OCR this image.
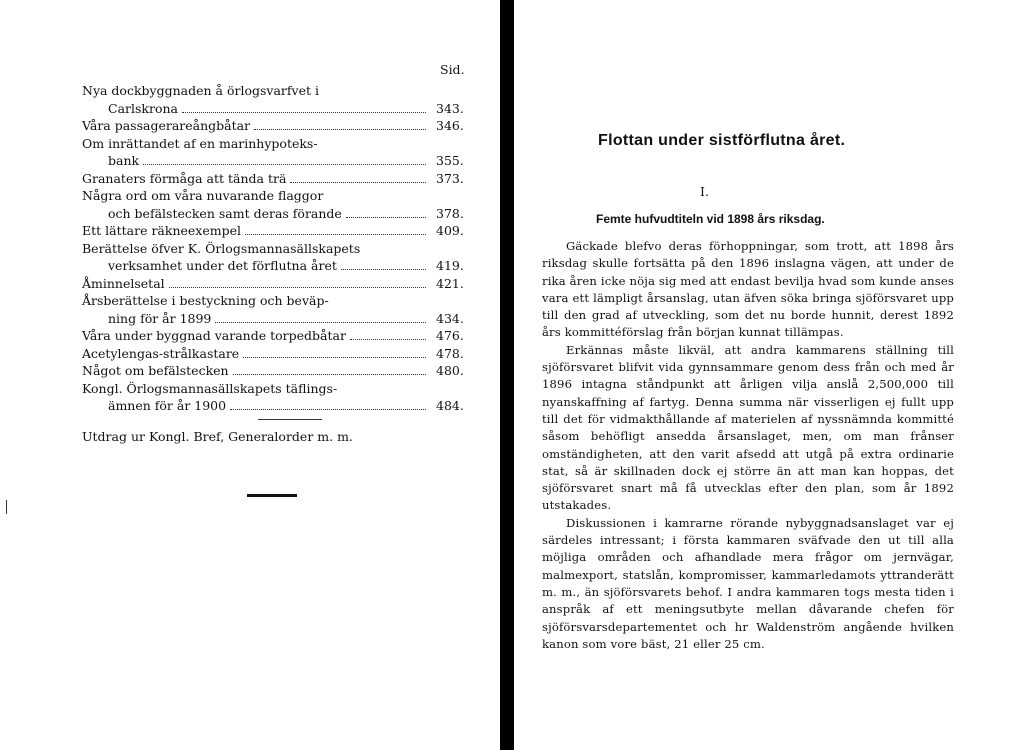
Sid.
Nya dockbyggnaden å örlogsvarfvet i
Carlskrona	343.
Våra passagerareångbåtar	346.
Om inrättandet af en marinhypoteks-
bank	355.
Granaters förmåga att tända trä	373.
Några ord om våra nuvarande flaggor
och befälstecken samt deras förande	378.
Ett lättare räkneexempel	409.
Berättelse öfver K. Örlogsmannasällskapets
verksamhet under det förflutna året	419.
Åminnelsetal	421.
Årsberättelse i bestyckning och beväp-
ning för år 1899	434.
Våra under byggnad varande torpedbåtar	476.
Acetylengas-strålkastare	478.
Något om befälstecken	480.
Kongl. Örlogsmannasällskapets täflings-
ämnen för år 1900	484.
Utdrag ur Kongl. Bref, Generalorder m. m.
Flottan under sistförflutna året.
I.
Femte hufvudtiteln vid 1898 års riksdag.

Gäckade blefvo deras förhoppningar, som trott, att 1898 års riksdag skulle fortsätta på den 1896 inslagna vägen, att under de rika åren icke nöja sig med att endast bevilja hvad som kunde anses vara ett lämpligt årsanslag, utan äfven söka bringa sjöförsvaret upp till den grad af utveckling, som det nu borde hunnit, derest 1892 års kommittéförslag från början kunnat tillämpas.

Erkännas måste likväl, att andra kammarens ställning till sjöförsvaret blifvit vida gynnsammare genom dess från och med år 1896 intagna ståndpunkt att årligen vilja anslå 2,500,000 till nyanskaffning af fartyg. Denna summa när visserligen ej fullt upp till det för vidmakthållande af materielen af nyssnämnda kommitté såsom behöfligt ansedda årsanslaget, men, om man frånser omständigheten, att den varit afsedd att utgå på extra ordinarie stat, så är skillnaden dock ej större än att man kan hoppas, det sjöförsvaret snart må få utvecklas efter den plan, som år 1892 utstakades.

Diskussionen i kamrarne rörande nybyggnadsanslaget var ej särdeles intressant; i första kammaren sväfvade den ut till alla möjliga områden och afhandlade mera frågor om jernvägar, malmexport, statslån, kompromisser, kammarledamots yttranderätt m. m., än sjöförsvarets behof. I andra kammaren togs mesta tiden i anspråk af ett meningsutbyte mellan dåvarande chefen för sjöförsvarsdepartementet och hr Waldenström angående hvilken kanon som vore bäst, 21 eller 25 cm.
